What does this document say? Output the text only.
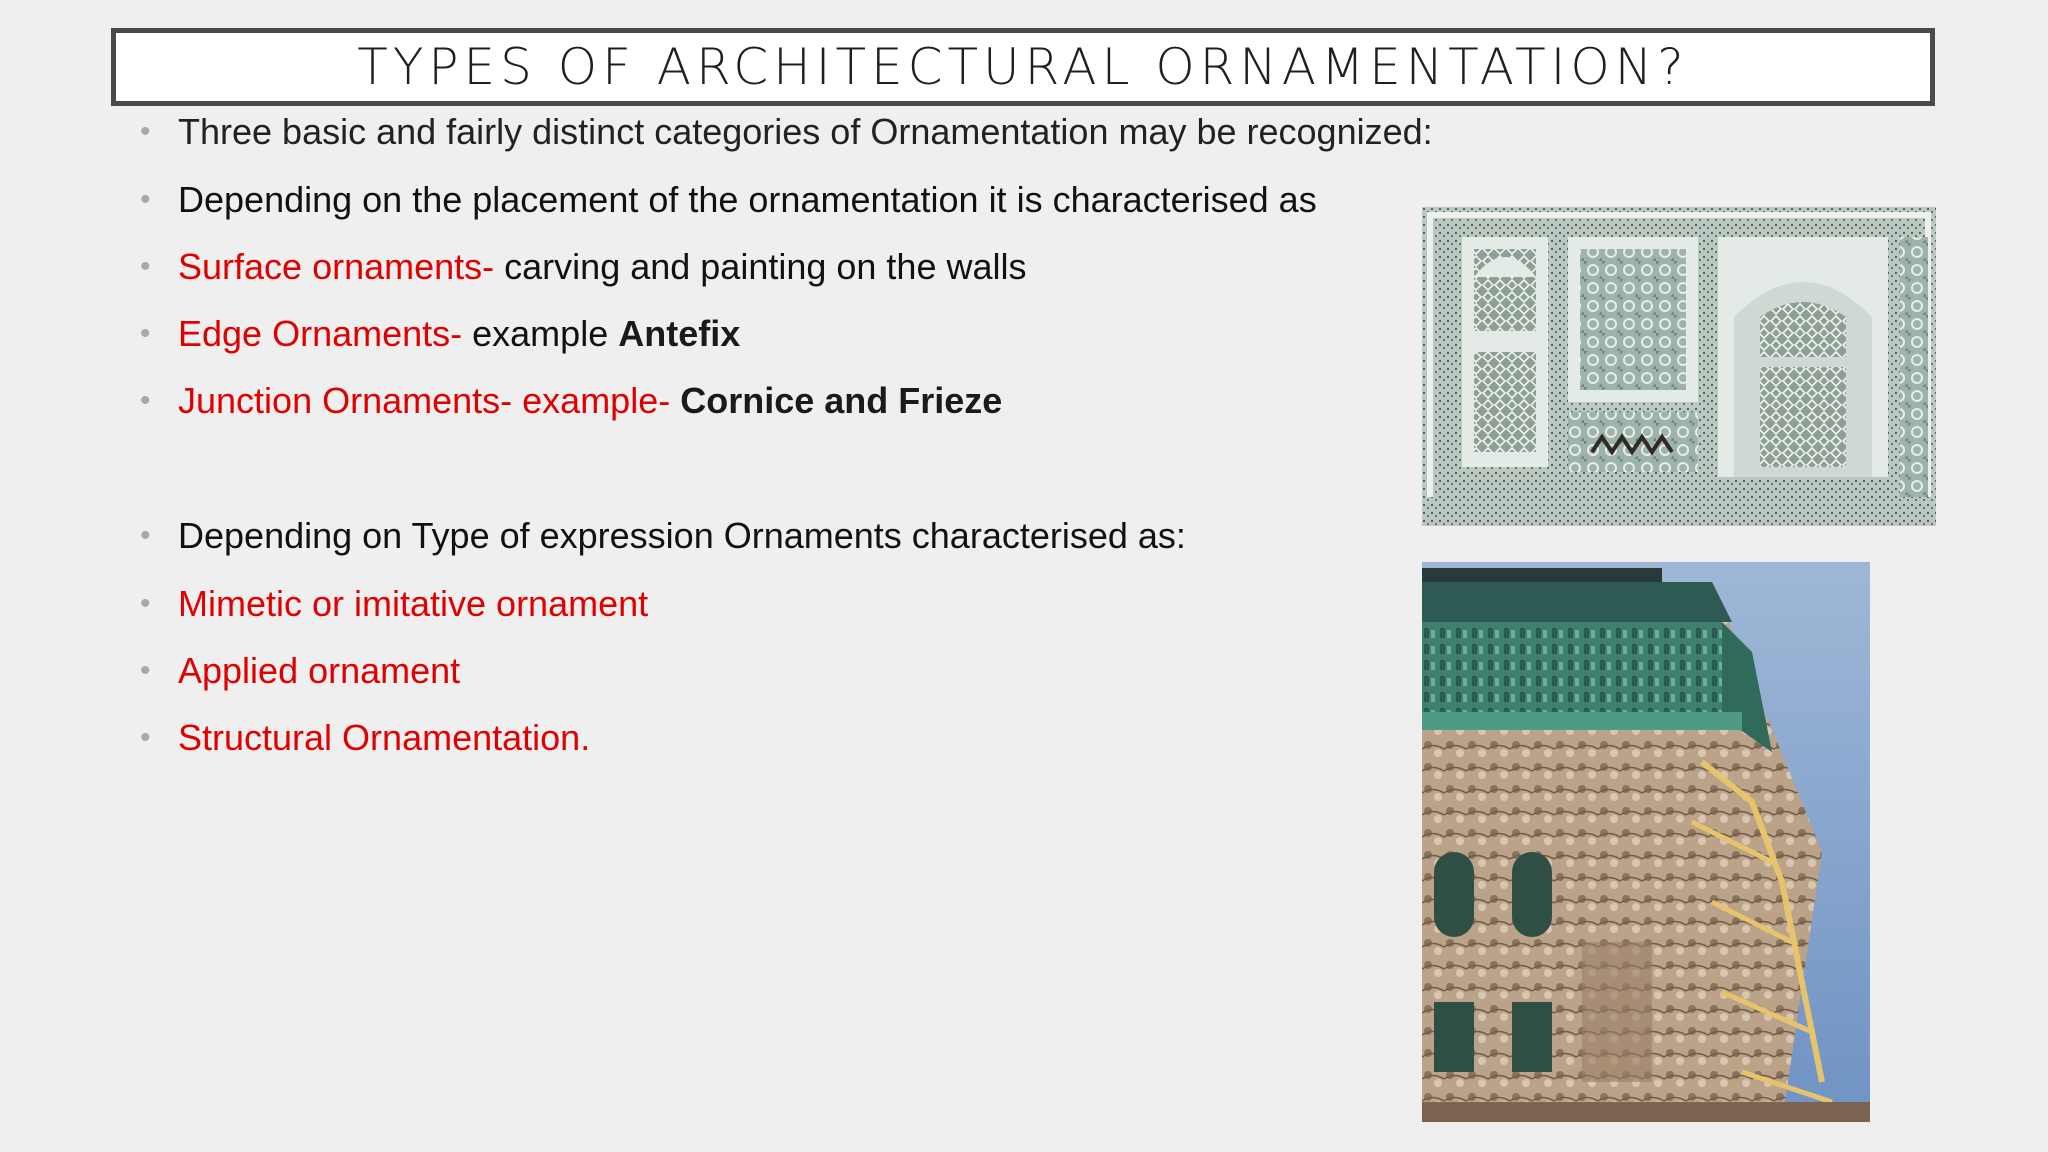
TYPES OF ARCHITECTURAL ORNAMENTATION?
• Three basic and fairly distinct categories of Ornamentation may be recognized:
• Depending on the placement of the ornamentation it is characterised as
• Surface ornaments- carving and painting on the walls
• Edge Ornaments- example Antefix
• Junction Ornaments- example- Cornice and Frieze
• Depending on Type of expression Ornaments characterised as:
• Mimetic or imitative ornament
• Applied ornament
• Structural Ornamentation.
